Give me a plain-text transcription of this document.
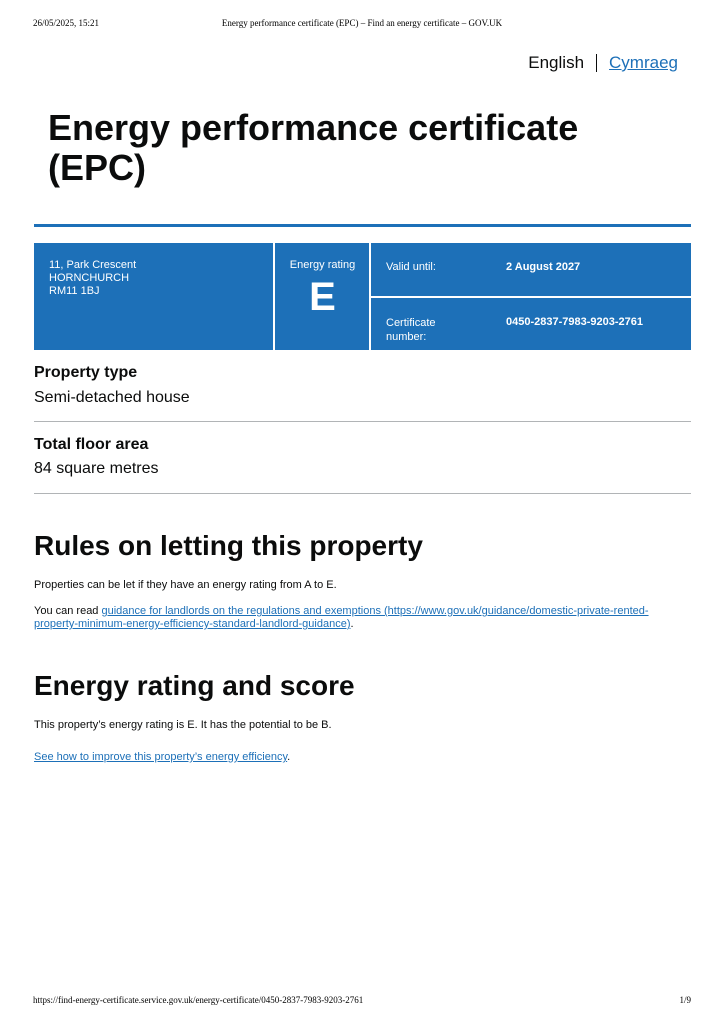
26/05/2025, 15:21	Energy performance certificate (EPC) – Find an energy certificate – GOV.UK
English Cymraeg
Energy performance certificate (EPC)
11, Park Crescent
HORNCHURCH
RM11 1BJ
Energy rating
E
Valid until:	2 August 2027
Certificate number:
0450-2837-7983-9203-2761
Property type
Semi-detached house
Total floor area
84 square metres
Rules on letting this property

Properties can be let if they have an energy rating from A to E.

You can read guidance for landlords on the regulations and exemptions (https://www.gov.uk/guidance/domestic-private-rented-property-minimum-energy-efficiency-standard-landlord-guidance).

Energy rating and score

This property’s energy rating is E. It has the potential to be B.

See how to improve this property’s energy efficiency.

https://find-energy-certificate.service.gov.uk/energy-certificate/0450-2837-7983-9203-2761	1/9
